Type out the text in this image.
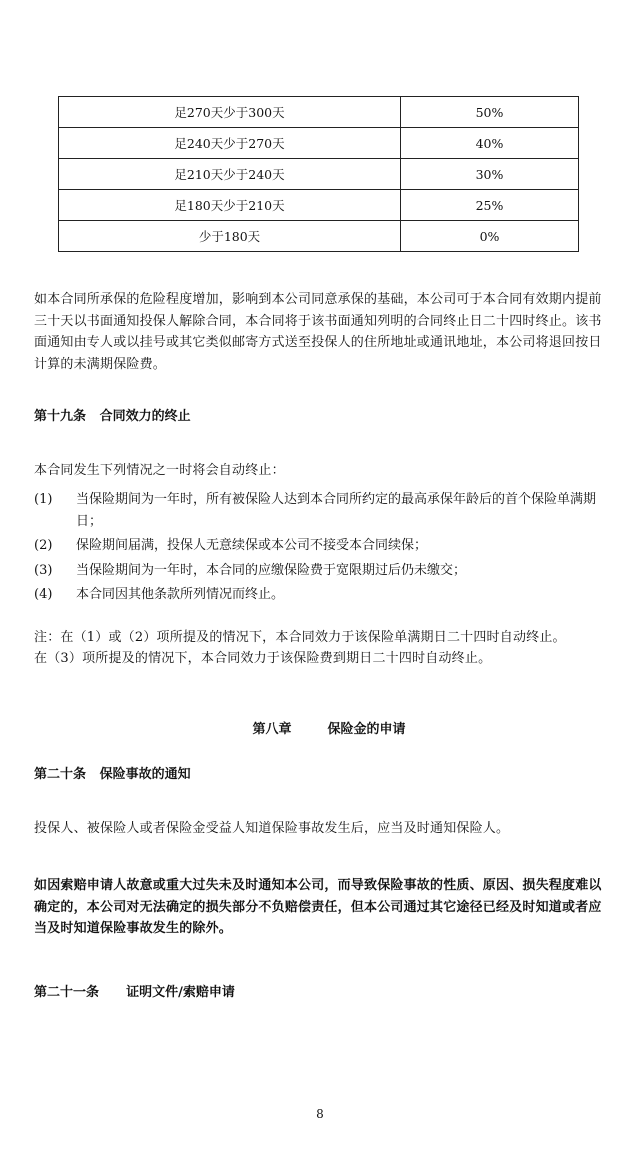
足270天少于300天	50%
足240天少于270天	40%
足210天少于240天	30%
足180天少于210天	25%
少于180天	0%

如本合同所承保的危险程度增加，影响到本公司同意承保的基础，本公司可于本合同有效期内提前三十天以书面通知投保人解除合同，本合同将于该书面通知列明的合同终止日二十四时终止。该书面通知由专人或以挂号或其它类似邮寄方式送至投保人的住所地址或通讯地址，本公司将退回按日计算的未满期保险费。

第十九条   合同效力的终止

本合同发生下列情况之一时将会自动终止：

(1) 当保险期间为一年时，所有被保险人达到本合同所约定的最高承保年龄后的首个保险单满期日；
(2) 保险期间届满，投保人无意续保或本公司不接受本合同续保；
(3) 当保险期间为一年时，本合同的应缴保险费于宽限期过后仍未缴交；
(4) 本合同因其他条款所列情况而终止。

注：在（1）或（2）项所提及的情况下，本合同效力于该保险单满期日二十四时自动终止。

在（3）项所提及的情况下，本合同效力于该保险费到期日二十四时自动终止。

第八章	保险金的申请

第二十条   保险事故的通知

投保人、被保险人或者保险金受益人知道保险事故发生后，应当及时通知保险人。

如因索赔申请人故意或重大过失未及时通知本公司，而导致保险事故的性质、原因、损失程度难以确定的，本公司对无法确定的损失部分不负赔偿责任，但本公司通过其它途径已经及时知道或者应当及时知道保险事故发生的除外。

第二十一条      证明文件/索赔申请

8
